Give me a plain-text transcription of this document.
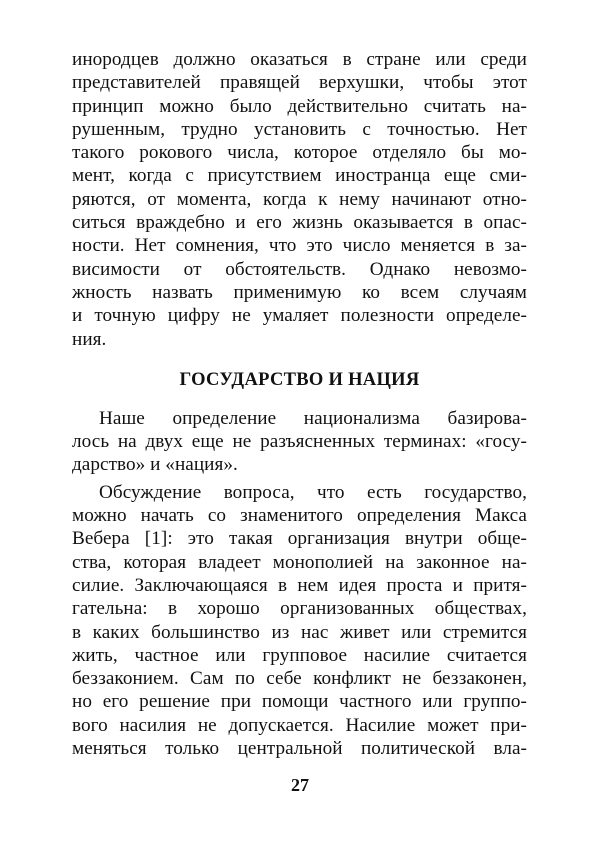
инородцев должно оказаться в стране или среди
представителей правящей верхушки, чтобы этот
принцип можно было действительно считать на-
рушенным, трудно установить с точностью. Нет
такого рокового числа, которое отделяло бы мо-
мент, когда с присутствием иностранца еще сми-
ряются, от момента, когда к нему начинают отно-
ситься враждебно и его жизнь оказывается в опас-
ности. Нет сомнения, что это число меняется в за-
висимости от обстоятельств. Однако невозмо-
жность назвать применимую ко всем случаям
и точную цифру не умаляет полезности определе-
ния.
ГОСУДАРСТВО И НАЦИЯ
Наше определение национализма базирова-
лось на двух еще не разъясненных терминах: «госу-
дарство» и «нация».
Обсуждение вопроса, что есть государство,
можно начать со знаменитого определения Макса
Вебера [1]: это такая организация внутри обще-
ства, которая владеет монополией на законное на-
силие. Заключающаяся в нем идея проста и притя-
гательна: в хорошо организованных обществах,
в каких большинство из нас живет или стремится
жить, частное или групповое насилие считается
беззаконием. Сам по себе конфликт не беззаконен,
но его решение при помощи частного или группо-
вого насилия не допускается. Насилие может при-
меняться только центральной политической вла-
27
